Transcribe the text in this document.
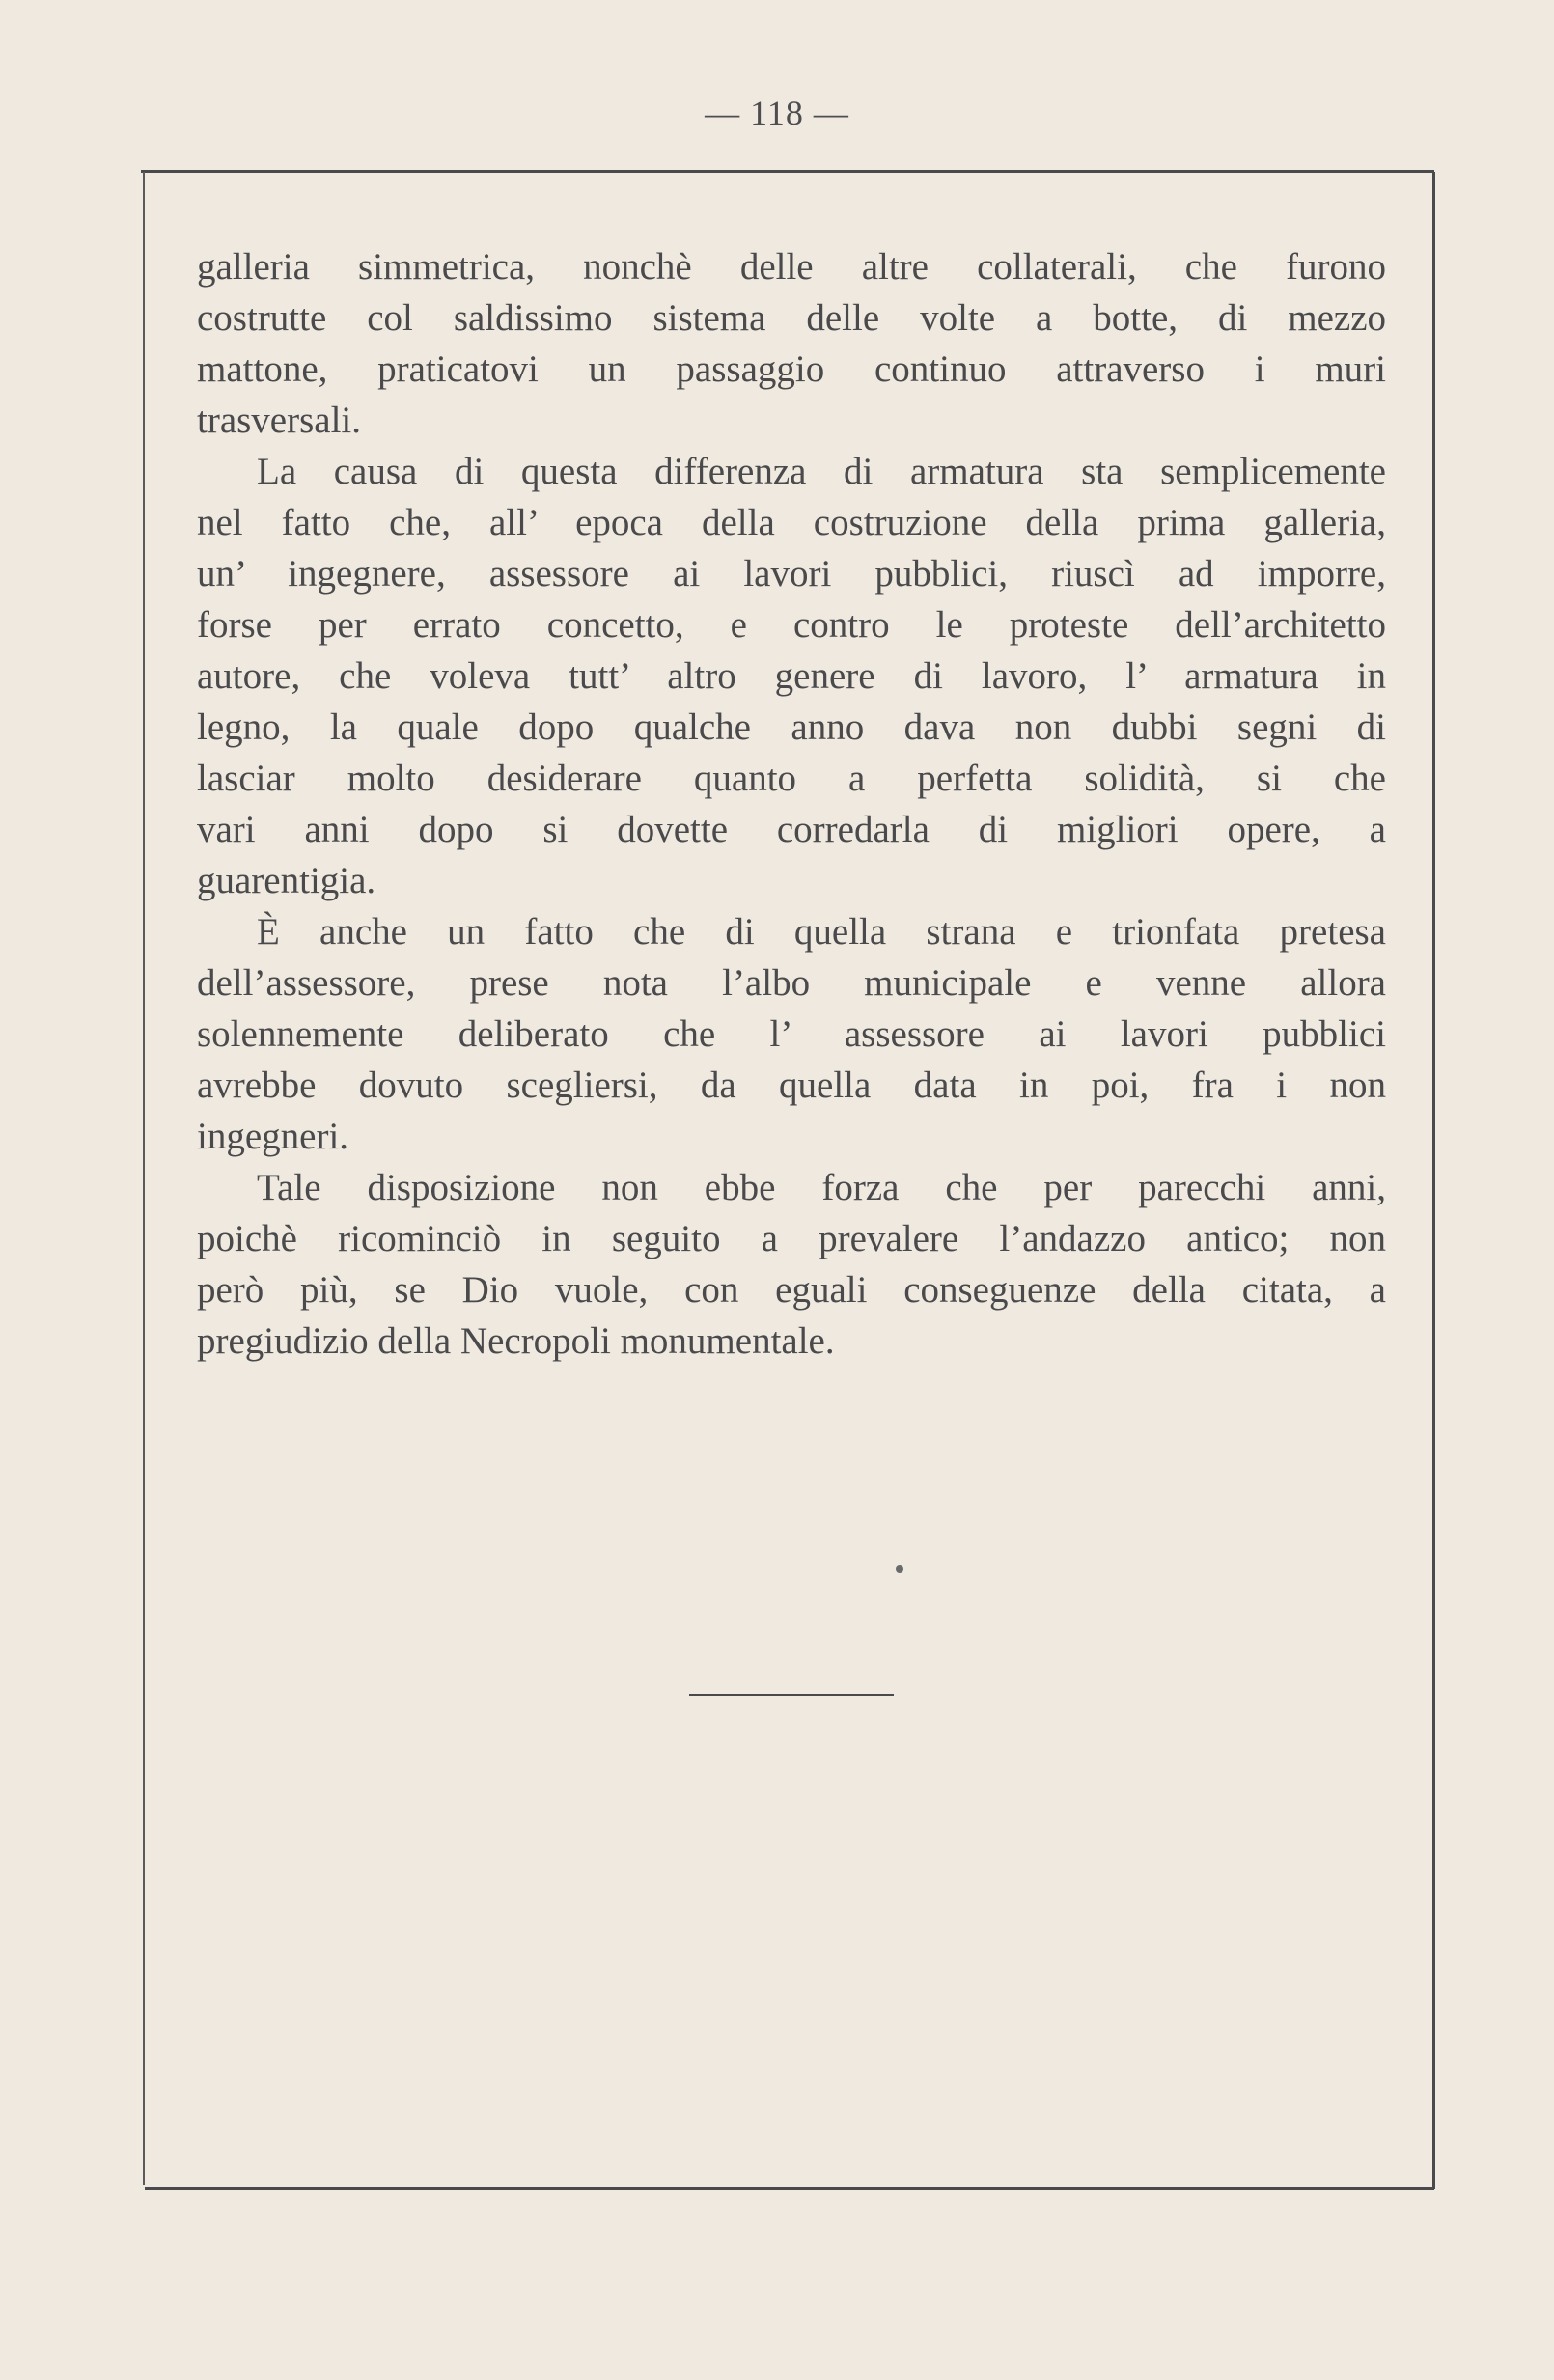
— 118 —
galleria simmetrica, nonchè delle altre collaterali, che furono
costrutte col saldissimo sistema delle volte a botte, di mezzo
mattone, praticatovi un passaggio continuo attraverso i muri
trasversali.
La causa di questa differenza di armatura sta semplicemente
nel fatto che, all’ epoca della costruzione della prima galleria,
un’ ingegnere, assessore ai lavori pubblici, riuscì ad imporre,
forse per errato concetto, e contro le proteste dell’architetto
autore, che voleva tutt’ altro genere di lavoro, l’ armatura in
legno, la quale dopo qualche anno dava non dubbi segni di
lasciar molto desiderare quanto a perfetta solidità, si che
vari anni dopo si dovette corredarla di migliori opere, a
guarentigia.
È anche un fatto che di quella strana e trionfata pretesa
dell’assessore, prese nota l’albo municipale e venne allora
solennemente deliberato che l’ assessore ai lavori pubblici
avrebbe dovuto scegliersi, da quella data in poi, fra i non
ingegneri.
Tale disposizione non ebbe forza che per parecchi anni,
poichè ricominciò in seguito a prevalere l’andazzo antico; non
però più, se Dio vuole, con eguali conseguenze della citata, a
pregiudizio della Necropoli monumentale.
